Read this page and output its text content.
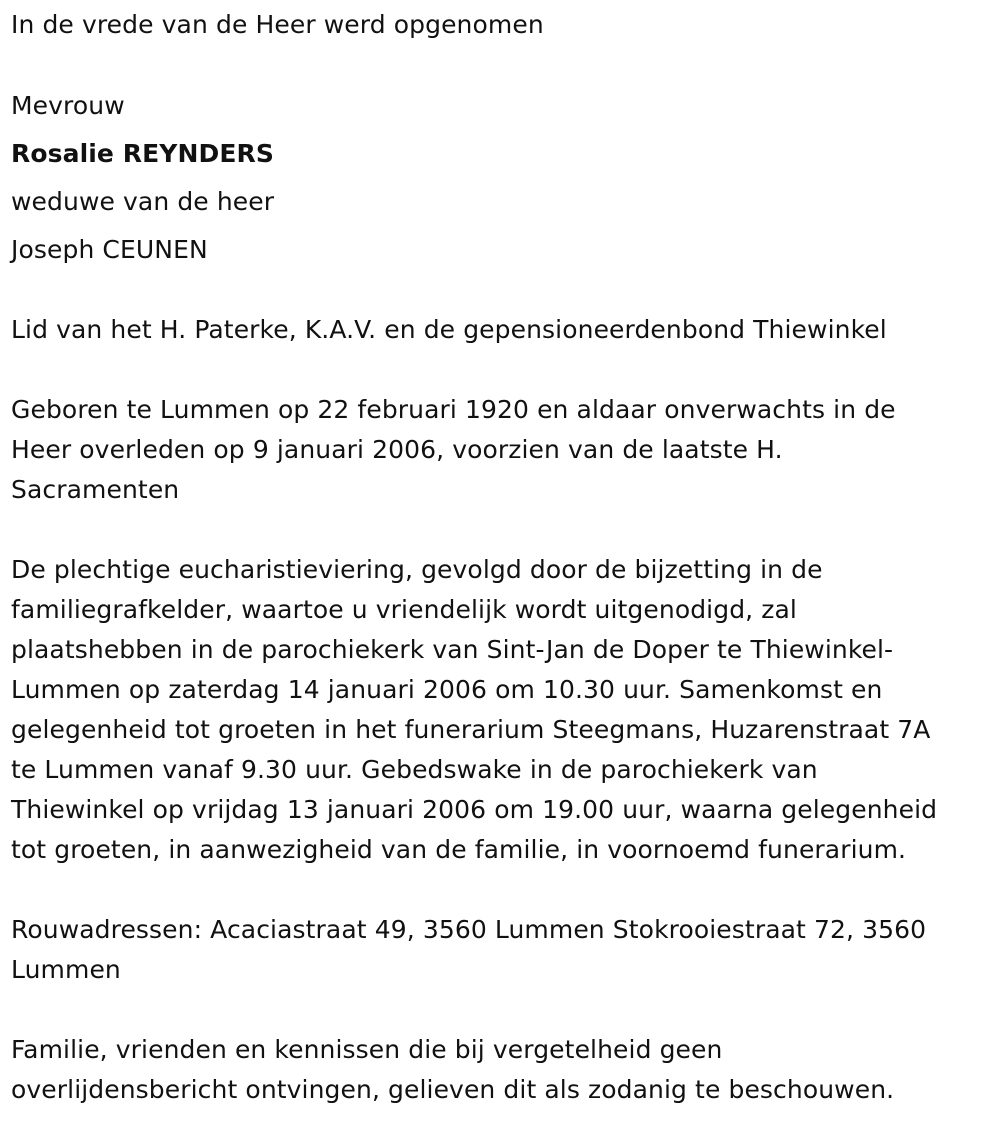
In de vrede van de Heer werd opgenomen
Mevrouw
Rosalie REYNDERS
weduwe van de heer
Joseph CEUNEN
Lid van het H. Paterke, K.A.V. en de gepensioneerdenbond Thiewinkel
Geboren te Lummen op 22 februari 1920 en aldaar onverwachts in de
Heer overleden op 9 januari 2006, voorzien van de laatste H.
Sacramenten
De plechtige eucharistieviering, gevolgd door de bijzetting in de
familiegrafkelder, waartoe u vriendelijk wordt uitgenodigd, zal
plaatshebben in de parochiekerk van Sint-Jan de Doper te Thiewinkel-
Lummen op zaterdag 14 januari 2006 om 10.30 uur. Samenkomst en
gelegenheid tot groeten in het funerarium Steegmans, Huzarenstraat 7A
te Lummen vanaf 9.30 uur. Gebedswake in de parochiekerk van
Thiewinkel op vrijdag 13 januari 2006 om 19.00 uur, waarna gelegenheid
tot groeten, in aanwezigheid van de familie, in voornoemd funerarium.
Rouwadressen: Acaciastraat 49, 3560 Lummen Stokrooiestraat 72, 3560
Lummen
Familie, vrienden en kennissen die bij vergetelheid geen
overlijdensbericht ontvingen, gelieven dit als zodanig te beschouwen.
